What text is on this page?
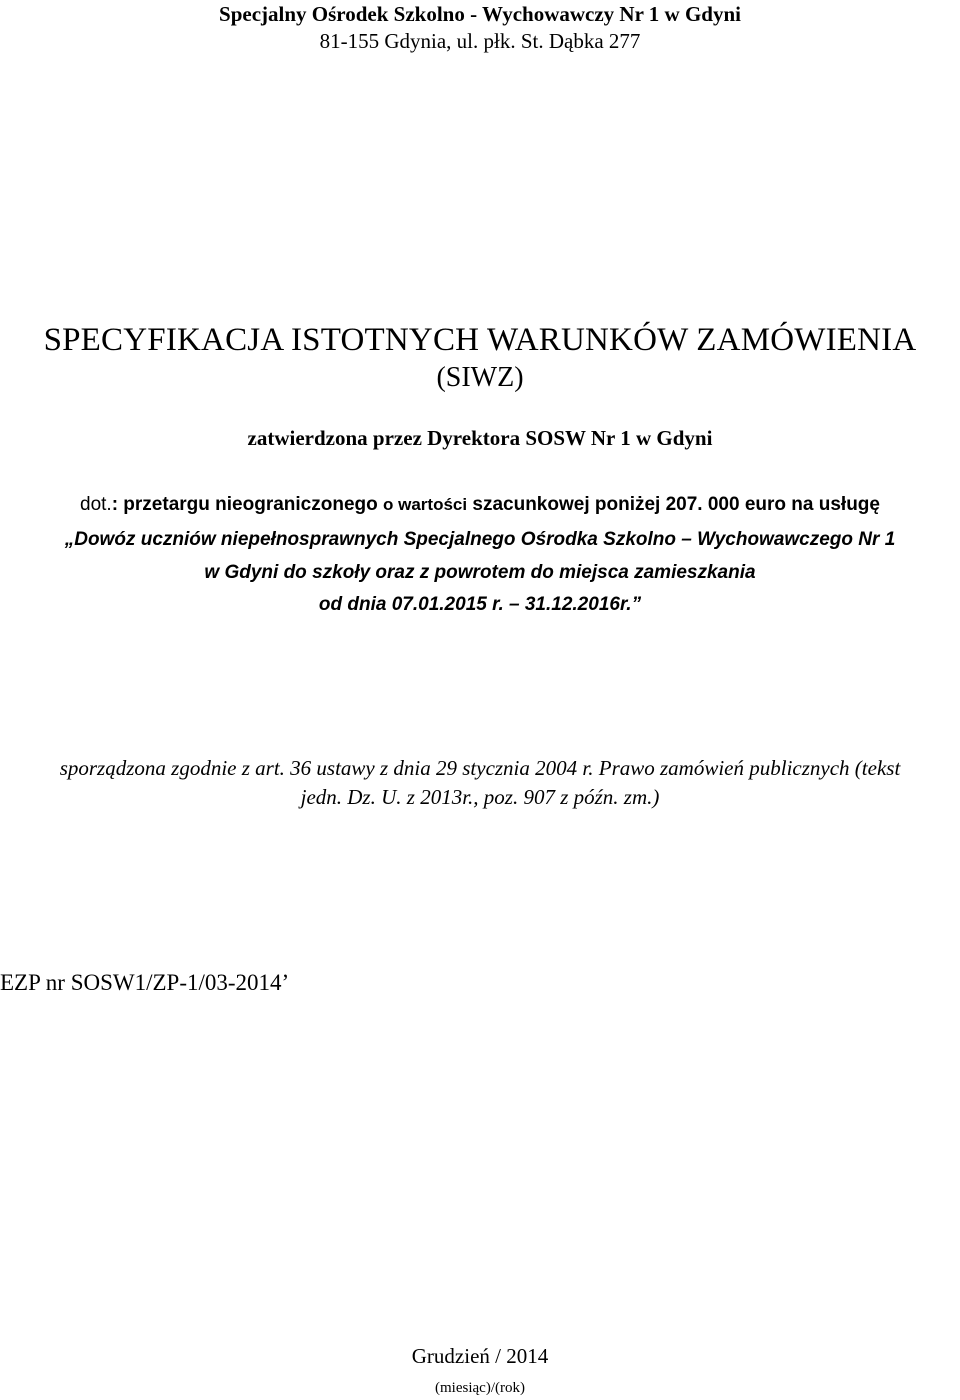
Specjalny Ośrodek Szkolno - Wychowawczy Nr 1 w Gdyni
81-155 Gdynia, ul. płk. St. Dąbka 277
SPECYFIKACJA ISTOTNYCH WARUNKÓW ZAMÓWIENIA
(SIWZ)
zatwierdzona przez Dyrektora SOSW Nr 1 w Gdyni
dot.: przetargu nieograniczonego o wartości szacunkowej poniżej 207. 000 euro na usługę
„Dowóz uczniów niepełnosprawnych Specjalnego Ośrodka Szkolno – Wychowawczego Nr 1
w Gdyni do szkoły oraz z powrotem do miejsca zamieszkania
od dnia 07.01.2015 r. – 31.12.2016r.”
sporządzona zgodnie z art. 36 ustawy z dnia 29 stycznia 2004 r. Prawo zamówień publicznych (tekst
jedn. Dz. U. z 2013r., poz. 907 z późn. zm.)
EZP nr SOSW1/ZP-1/03-2014’
Grudzień / 2014
(miesiąc)/(rok)
